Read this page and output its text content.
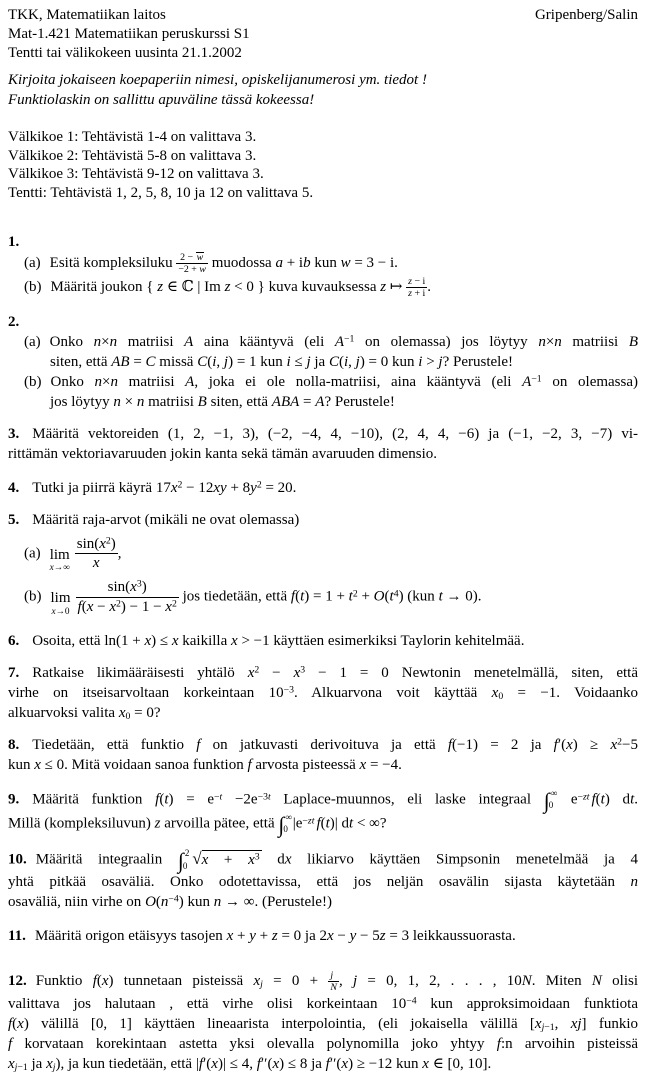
TKK, Matematiikan laitos	Gripenberg/Salin
Mat-1.421 Matematiikan peruskurssi S1
Tentti tai välikokeen uusinta 21.1.2002
Kirjoita jokaiseen koepaperiin nimesi, opiskelijanumerosi ym. tiedot !
Funktiolaskin on sallittu apuväline tässä kokeessa!
Välkikoe 1: Tehtävistä 1-4 on valittava 3.
Välkikoe 2: Tehtävistä 5-8 on valittava 3.
Välkikoe 3: Tehtävistä 9-12 on valittava 3.
Tentti: Tehtävistä 1, 2, 5, 8, 10 ja 12 on valittava 5.
1.
(a) Esitä kompleksiluku $\frac{2 - w}{-2 + w}$ muodossa a + ib kun w = 3 − i.
(b) Määritä joukon { z ∈ ℂ | Im z < 0 } kuva kuvauksessa z ↦ $\frac{z - i}{z + i}$ .
2.
(a) Onko n×n matriisi A aina kääntyvä (eli $A^{-1}$ on olemassa) jos löytyy n×n matriisi B
siten, että AB = C missä C(i, j) = 1 kun i ≤ j ja C(i, j) = 0 kun i > j? Perustele!
(b) Onko n×n matriisi A, joka ei ole nolla-matriisi, aina kääntyvä (eli $A^{-1}$ on olemassa)
jos löytyy n × n matriisi B siten, että ABA = A? Perustele!
3. Määritä vektoreiden (1, 2, −1, 3), (−2, −4, 4, −10), (2, 4, 4, −6) ja (−1, −2, 3, −7) vi-
rittämän vektoriavaruuden jokin kanta sekä tämän avaruuden dimensio.
4. Tutki ja piirrä käyrä $17x^2 - 12xy + 8y^2 = 20$.
5. Määritä raja-arvot (mikäli ne ovat olemassa)
(a) lim
$x\to\infty \frac{\sin(x^2)}{x}$ ,
(b) lim
$x\to 0 \frac{\sin(x^3)}{f(x - x^2) - 1 - x^2}$ jos tiedetään, että $f(t) = 1 + t^2 + O(t^4)$ (kun t → 0).
6. Osoita, että ln(1 + x) ≤ x kaikilla x > −1 käyttäen esimerkiksi Taylorin kehitelmää.
7. Ratkaise likimääräisesti yhtälö $x^2 - x^3 - 1 = 0$ Newtonin menetelmällä, siten, että
virhe on itseisarvoltaan korkeintaan $10^{-3}$. Alkuarvona voit käyttää x0 = −1. Voidaanko
alkuarvoksi valita x0 = 0?
8. Tiedetään, että funktio f on jatkuvasti derivoituva ja että f(−1) = 2 ja $f'(x) \ge x^2-5$
kun x ≤ 0. Mitä voidaan sanoa funktion f arvosta pisteessä x = −4.
9. Määritä funktion $f(t) = e^{-t} -2e^{-3t}$ Laplace-muunnos, eli laske integraal ∫ ∞
0 $e^{-zt}$ f(t) dt.
Millä (kompleksiluvun) z arvoilla pätee, että ∫ ∞
0 $|e^{-zt}$ f(t)| dt < ∞?
10. Määritä integraalin ∫ 2
0 $√x + x^3$ dx likiarvo käyttäen Simpsonin menetelmää ja 4
yhtä pitkää osaväliä. Onko odotettavissa, että jos neljän osavälin sijasta käytetään n
osaväliä, niin virhe on $O(n^{-4})$ kun n → ∞. (Perustele!)
11. Määritä origon etäisyys tasojen x + y + z = 0 ja 2x − y − 5z = 3 leikkaussuorasta.
12. Funktio f(x) tunnetaan pisteissä xj = $0 + \frac{j}{N}$ , j = 0, 1, 2, . . . , 10N. Miten N olisi
valittava jos halutaan , että virhe olisi korkeintaan $10^{-4}$ kun approksimoidaan funktiota
f(x) välillä [0, 1] käyttäen lineaarista interpolointia, (eli jokaisella välillä [xj−1, xj] funkio
f korvataan korekintaan astetta yksi olevalla polynomilla joko yhtyy f:n arvoihin pisteissä
xj−1 ja xj), ja kun tiedetään, että |f′(x)| ≤ 4, f′′(x) ≤ 8 ja f′′(x) ≥ −12 kun x ∈ [0, 10].
